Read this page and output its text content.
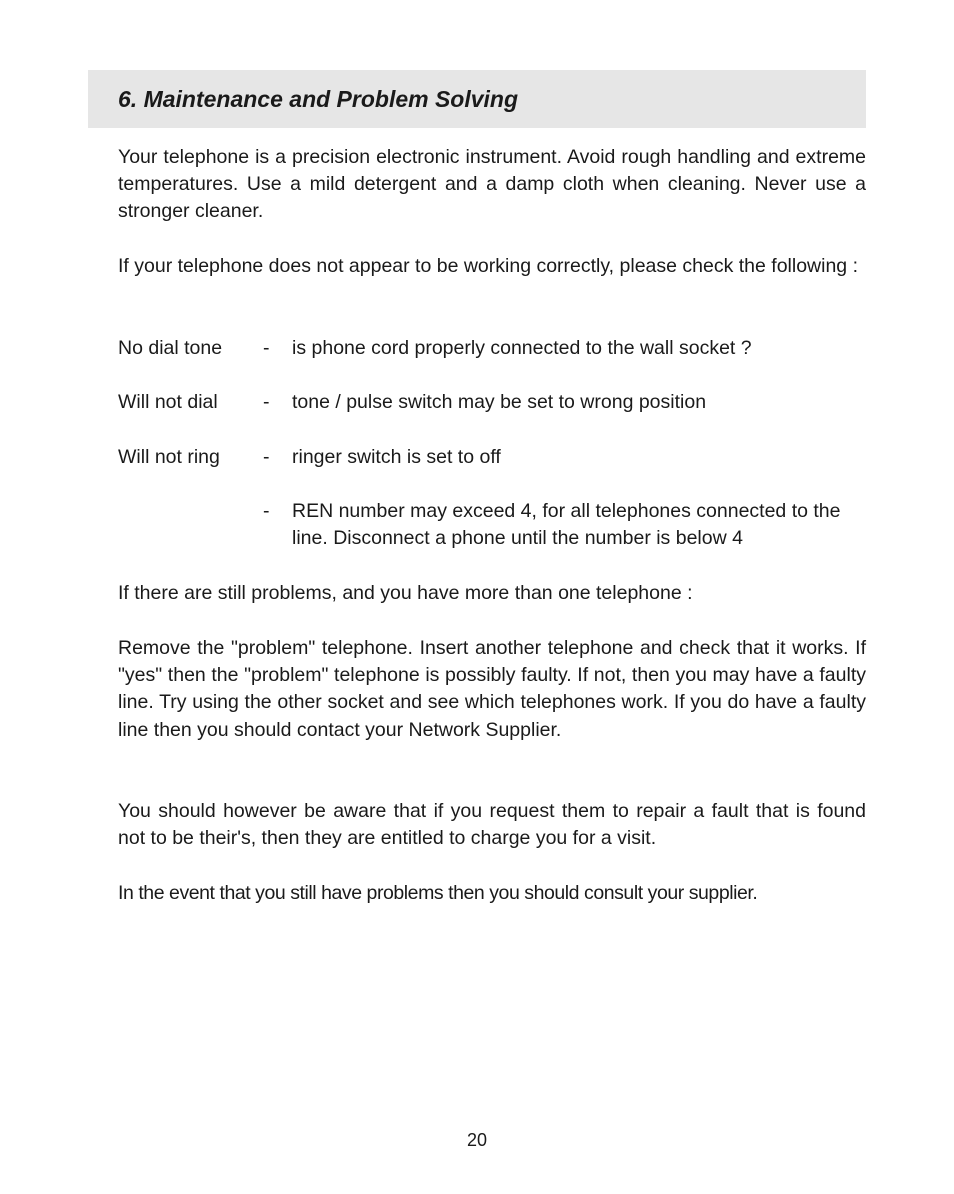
6. Maintenance and Problem Solving

Your telephone is a precision electronic instrument. Avoid rough handling and extreme temperatures. Use a mild detergent and a damp cloth when cleaning. Never use a stronger cleaner.

If your telephone does not appear to be working correctly, please check the following :

No dial tone - is phone cord properly connected to the wall socket ?

Will not dial - tone / pulse switch may be set to wrong position

Will not ring - ringer switch is set to off

- REN number may exceed 4, for all telephones connected to the line. Disconnect a phone until the number is below 4

If there are still problems, and you have more than one telephone :

Remove the "problem" telephone. Insert another telephone and check that it works. If "yes" then the "problem" telephone is possibly faulty. If not, then you may have a faulty line. Try using the other socket and see which telephones work. If you do have a faulty line then you should contact your Network Supplier.

You should however be aware that if you request them to repair a fault that is found not to be their's, then they are entitled to charge you for a visit.

In the event that you still have problems then you should consult your supplier.

20
